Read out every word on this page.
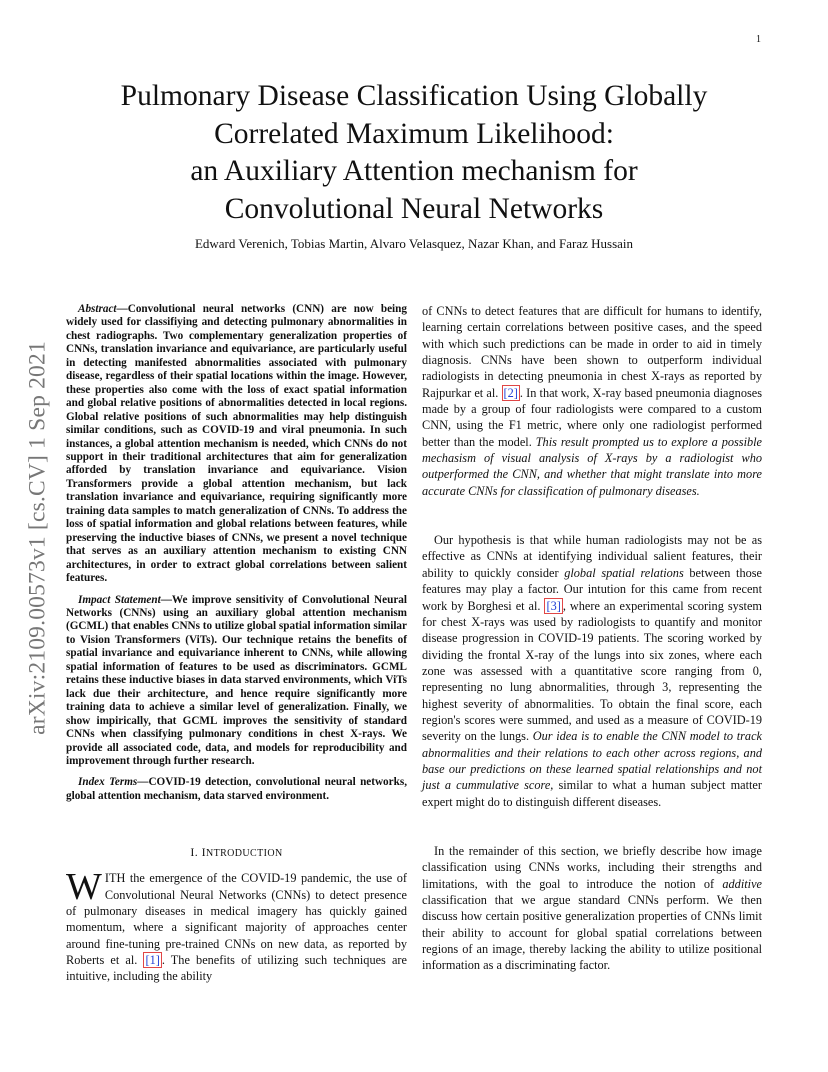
1
arXiv:2109.00573v1 [cs.CV] 1 Sep 2021
Pulmonary Disease Classification Using Globally
Correlated Maximum Likelihood:
an Auxiliary Attention mechanism for
Convolutional Neural Networks
Edward Verenich, Tobias Martin, Alvaro Velasquez, Nazar Khan, and Faraz Hussain

Abstract—Convolutional neural networks (CNN) are now being widely used for classifiying and detecting pulmonary abnormalities in chest radiographs. Two complementary generalization properties of CNNs, translation invariance and equivariance, are particularly useful in detecting manifested abnormalities associated with pulmonary disease, regardless of their spatial locations within the image. However, these properties also come with the loss of exact spatial information and global relative positions of abnormalities detected in local regions. Global relative positions of such abnormalities may help distinguish similar conditions, such as COVID-19 and viral pneumonia. In such instances, a global attention mechanism is needed, which CNNs do not support in their traditional architectures that aim for generalization afforded by translation invariance and equivariance. Vision Transformers provide a global attention mechanism, but lack translation invariance and equivariance, requiring significantly more training data samples to match generalization of CNNs. To address the loss of spatial information and global relations between features, while preserving the inductive biases of CNNs, we present a novel technique that serves as an auxiliary attention mechanism to existing CNN architectures, in order to extract global correlations between salient features.

Impact Statement—We improve sensitivity of Convolutional Neural Networks (CNNs) using an auxiliary global attention mechanism (GCML) that enables CNNs to utilize global spatial information similar to Vision Transformers (ViTs). Our technique retains the benefits of spatial invariance and equivariance inherent to CNNs, while allowing spatial information of features to be used as discriminators. GCML retains these inductive biases in data starved environments, which ViTs lack due their architecture, and hence require significantly more training data to achieve a similar level of generalization. Finally, we show impirically, that GCML improves the sensitivity of standard CNNs when classifying pulmonary conditions in chest X-rays. We provide all associated code, data, and models for reproducibility and improvement through further research.

Index Terms—COVID-19 detection, convolutional neural networks, global attention mechanism, data starved environment.

I. INTRODUCTION

WITH the emergence of the COVID-19 pandemic, the use of Convolutional Neural Networks (CNNs) to detect presence of pulmonary diseases in medical imagery has quickly gained momentum, where a significant majority of approaches center around fine-tuning pre-trained CNNs on new data, as reported by Roberts et al. [1] . The benefits of utilizing such techniques are intuitive, including the ability

of CNNs to detect features that are difficult for humans to identify, learning certain correlations between positive cases, and the speed with which such predictions can be made in order to aid in timely diagnosis. CNNs have been shown to outperform individual radiologists in detecting pneumonia in chest X-rays as reported by Rajpurkar et al. [2] . In that work, X-ray based pneumonia diagnoses made by a group of four radiologists were compared to a custom CNN, using the F1 metric, where only one radiologist performed better than the model. This result prompted us to explore a possible mechasism of visual analysis of X-rays by a radiologist who outperformed the CNN, and whether that might translate into more accurate CNNs for classification of pulmonary diseases.

Our hypothesis is that while human radiologists may not be as effective as CNNs at identifying individual salient features, their ability to quickly consider global spatial relations between those features may play a factor. Our intution for this came from recent work by Borghesi et al. [3] , where an experimental scoring system for chest X-rays was used by radiologists to quantify and monitor disease progression in COVID-19 patients. The scoring worked by dividing the frontal X-ray of the lungs into six zones, where each zone was assessed with a quantitative score ranging from 0, representing no lung abnormalities, through 3, representing the highest severity of abnormalities. To obtain the final score, each region's scores were summed, and used as a measure of COVID-19 severity on the lungs. Our idea is to enable the CNN model to track abnormalities and their relations to each other across regions, and base our predictions on these learned spatial relationships and not just a cummulative score, similar to what a human subject matter expert might do to distinguish different diseases.

In the remainder of this section, we briefly describe how image classification using CNNs works, including their strengths and limitations, with the goal to introduce the notion of additive classification that we argue standard CNNs perform. We then discuss how certain positive generalization properties of CNNs limit their ability to account for global spatial correlations between regions of an image, thereby lacking the ability to utilize positional information as a discriminating factor.
